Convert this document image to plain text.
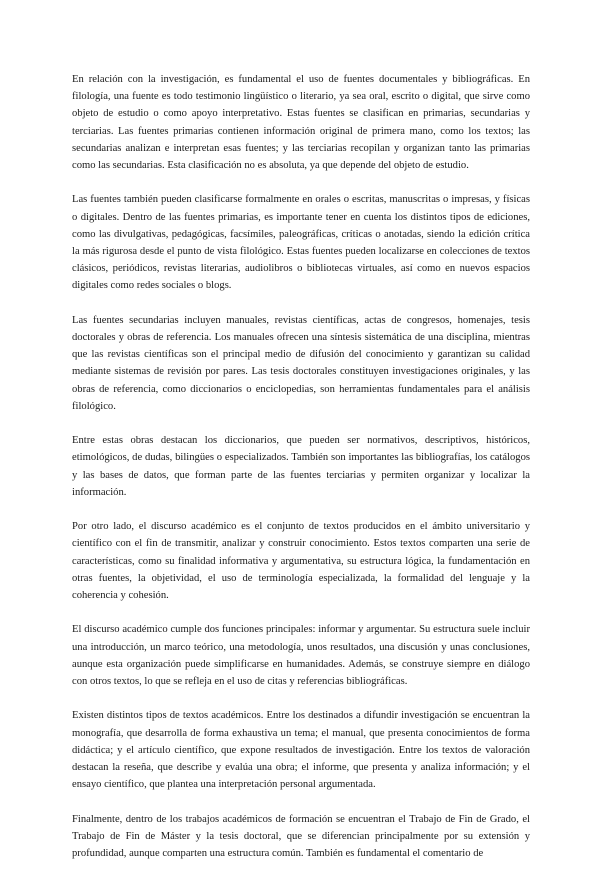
En relación con la investigación, es fundamental el uso de fuentes documentales y bibliográficas. En filología, una fuente es todo testimonio lingüístico o literario, ya sea oral, escrito o digital, que sirve como objeto de estudio o como apoyo interpretativo. Estas fuentes se clasifican en primarias, secundarias y terciarias. Las fuentes primarias contienen información original de primera mano, como los textos; las secundarias analizan e interpretan esas fuentes; y las terciarias recopilan y organizan tanto las primarias como las secundarias. Esta clasificación no es absoluta, ya que depende del objeto de estudio.

Las fuentes también pueden clasificarse formalmente en orales o escritas, manuscritas o impresas, y físicas o digitales. Dentro de las fuentes primarias, es importante tener en cuenta los distintos tipos de ediciones, como las divulgativas, pedagógicas, facsímiles, paleográficas, críticas o anotadas, siendo la edición crítica la más rigurosa desde el punto de vista filológico. Estas fuentes pueden localizarse en colecciones de textos clásicos, periódicos, revistas literarias, audiolibros o bibliotecas virtuales, así como en nuevos espacios digitales como redes sociales o blogs.

Las fuentes secundarias incluyen manuales, revistas científicas, actas de congresos, homenajes, tesis doctorales y obras de referencia. Los manuales ofrecen una síntesis sistemática de una disciplina, mientras que las revistas científicas son el principal medio de difusión del conocimiento y garantizan su calidad mediante sistemas de revisión por pares. Las tesis doctorales constituyen investigaciones originales, y las obras de referencia, como diccionarios o enciclopedias, son herramientas fundamentales para el análisis filológico.

Entre estas obras destacan los diccionarios, que pueden ser normativos, descriptivos, históricos, etimológicos, de dudas, bilingües o especializados. También son importantes las bibliografías, los catálogos y las bases de datos, que forman parte de las fuentes terciarias y permiten organizar y localizar la información.

Por otro lado, el discurso académico es el conjunto de textos producidos en el ámbito universitario y científico con el fin de transmitir, analizar y construir conocimiento. Estos textos comparten una serie de características, como su finalidad informativa y argumentativa, su estructura lógica, la fundamentación en otras fuentes, la objetividad, el uso de terminología especializada, la formalidad del lenguaje y la coherencia y cohesión.

El discurso académico cumple dos funciones principales: informar y argumentar. Su estructura suele incluir una introducción, un marco teórico, una metodología, unos resultados, una discusión y unas conclusiones, aunque esta organización puede simplificarse en humanidades. Además, se construye siempre en diálogo con otros textos, lo que se refleja en el uso de citas y referencias bibliográficas.

Existen distintos tipos de textos académicos. Entre los destinados a difundir investigación se encuentran la monografía, que desarrolla de forma exhaustiva un tema; el manual, que presenta conocimientos de forma didáctica; y el artículo científico, que expone resultados de investigación. Entre los textos de valoración destacan la reseña, que describe y evalúa una obra; el informe, que presenta y analiza información; y el ensayo científico, que plantea una interpretación personal argumentada.

Finalmente, dentro de los trabajos académicos de formación se encuentran el Trabajo de Fin de Grado, el Trabajo de Fin de Máster y la tesis doctoral, que se diferencian principalmente por su extensión y profundidad, aunque comparten una estructura común. También es fundamental el comentario de
